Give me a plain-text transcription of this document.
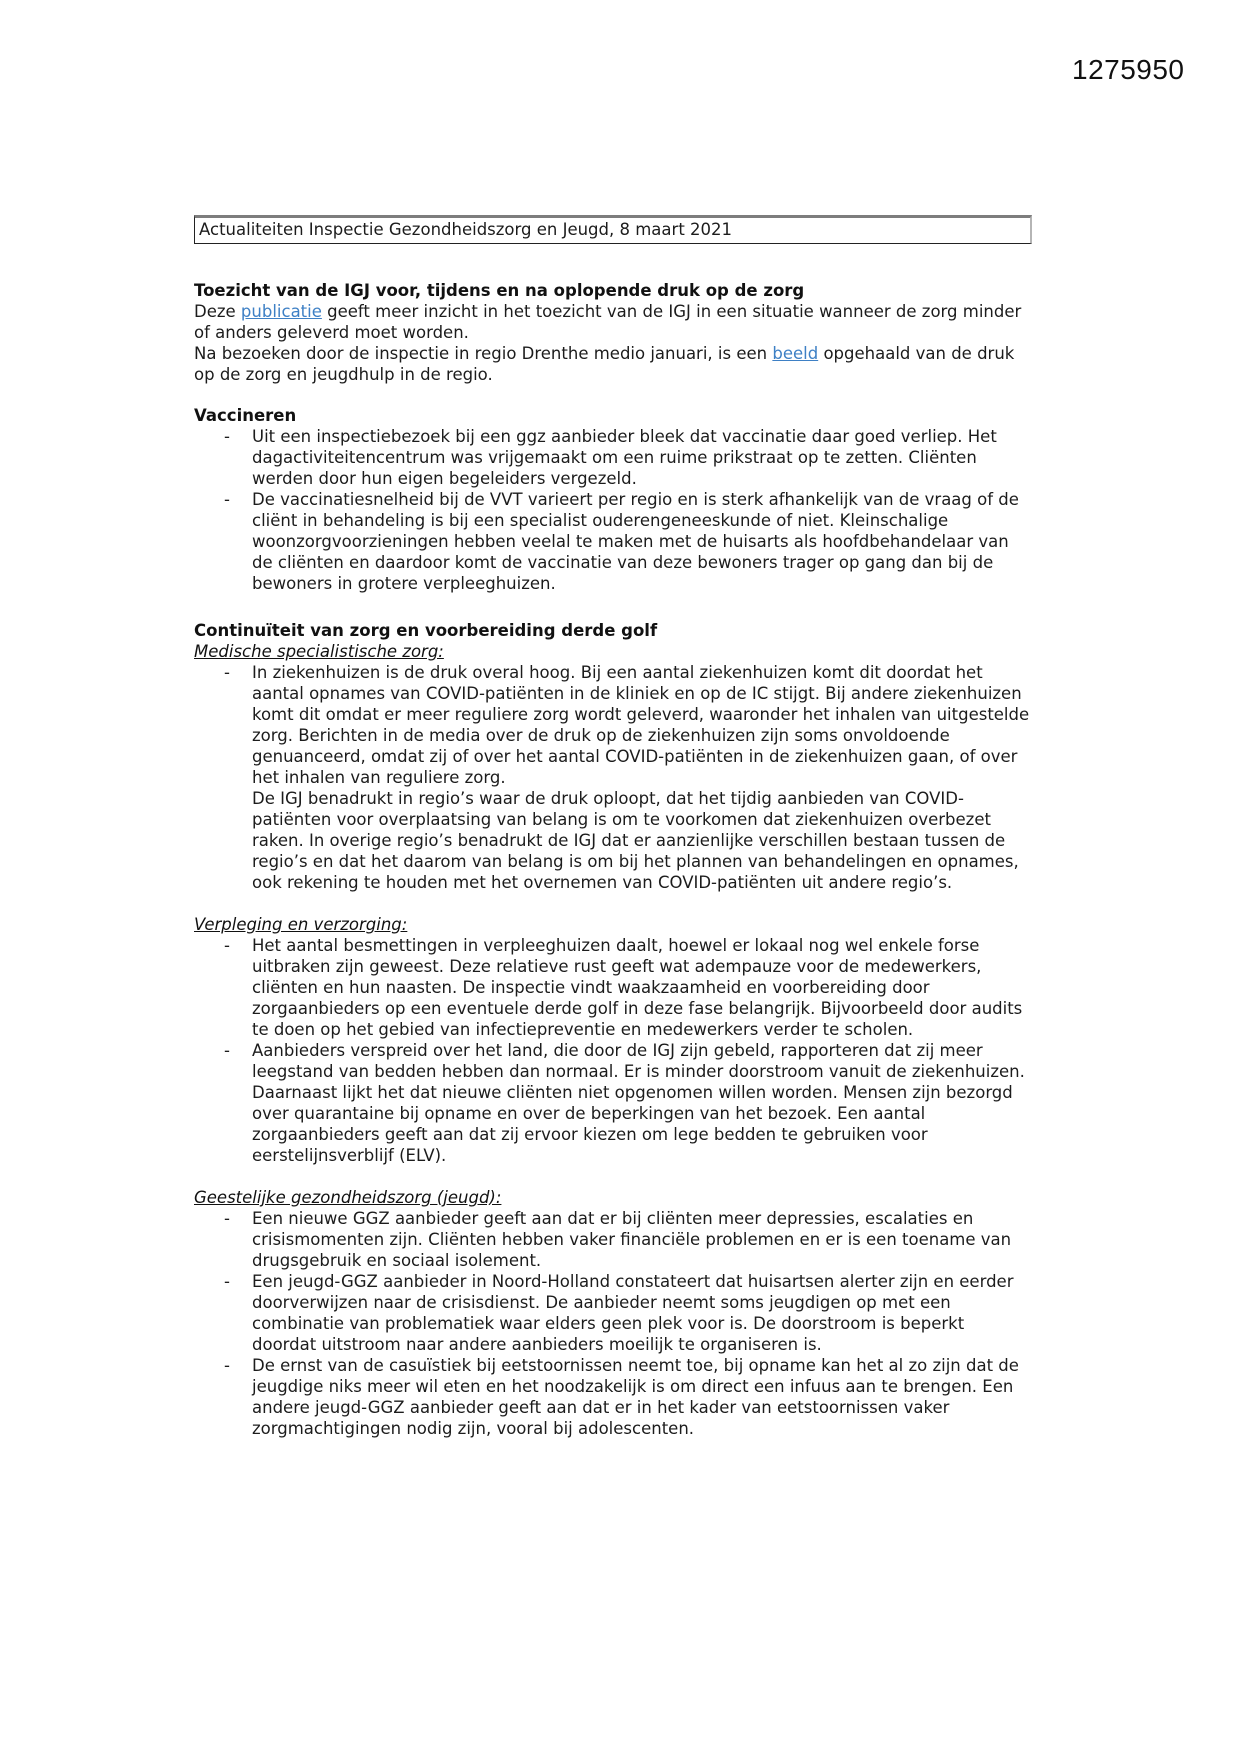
1275950
Actualiteiten Inspectie Gezondheidszorg en Jeugd, 8 maart 2021
Toezicht van de IGJ voor, tijdens en na oplopende druk op de zorg

Deze publicatie geeft meer inzicht in het toezicht van de IGJ in een situatie wanneer de zorg minder of anders geleverd moet worden.

Na bezoeken door de inspectie in regio Drenthe medio januari, is een beeld opgehaald van de druk op de zorg en jeugdhulp in de regio.

Vaccineren
-	Uit een inspectiebezoek bij een ggz aanbieder bleek dat vaccinatie daar goed verliep. Het dagactiviteitencentrum was vrijgemaakt om een ruime prikstraat op te zetten. Cliënten werden door hun eigen begeleiders vergezeld.
-	De vaccinatiesnelheid bij de VVT varieert per regio en is sterk afhankelijk van de vraag of de cliënt in behandeling is bij een specialist ouderengeneeskunde of niet. Kleinschalige woonzorgvoorzieningen hebben veelal te maken met de huisarts als hoofdbehandelaar van de cliënten en daardoor komt de vaccinatie van deze bewoners trager op gang dan bij de bewoners in grotere verpleeghuizen.
Continuïteit van zorg en voorbereiding derde golf
Medische specialistische zorg:
-	In ziekenhuizen is de druk overal hoog. Bij een aantal ziekenhuizen komt dit doordat het aantal opnames van COVID-patiënten in de kliniek en op de IC stijgt. Bij andere ziekenhuizen komt dit omdat er meer reguliere zorg wordt geleverd, waaronder het inhalen van uitgestelde zorg. Berichten in de media over de druk op de ziekenhuizen zijn soms onvoldoende genuanceerd, omdat zij of over het aantal COVID-patiënten in de ziekenhuizen gaan, of over het inhalen van reguliere zorg.

De IGJ benadrukt in regio’s waar de druk oploopt, dat het tijdig aanbieden van COVID-patiënten voor overplaatsing van belang is om te voorkomen dat ziekenhuizen overbezet raken. In overige regio’s benadrukt de IGJ dat er aanzienlijke verschillen bestaan tussen de regio’s en dat het daarom van belang is om bij het plannen van behandelingen en opnames, ook rekening te houden met het overnemen van COVID-patiënten uit andere regio’s.

Verpleging en verzorging:
-	Het aantal besmettingen in verpleeghuizen daalt, hoewel er lokaal nog wel enkele forse uitbraken zijn geweest. Deze relatieve rust geeft wat adempauze voor de medewerkers, cliënten en hun naasten. De inspectie vindt waakzaamheid en voorbereiding door zorgaanbieders op een eventuele derde golf in deze fase belangrijk. Bijvoorbeeld door audits te doen op het gebied van infectiepreventie en medewerkers verder te scholen.
-	Aanbieders verspreid over het land, die door de IGJ zijn gebeld, rapporteren dat zij meer leegstand van bedden hebben dan normaal. Er is minder doorstroom vanuit de ziekenhuizen. Daarnaast lijkt het dat nieuwe cliënten niet opgenomen willen worden. Mensen zijn bezorgd over quarantaine bij opname en over de beperkingen van het bezoek. Een aantal zorgaanbieders geeft aan dat zij ervoor kiezen om lege bedden te gebruiken voor eerstelijnsverblijf (ELV).
Geestelijke gezondheidszorg (jeugd):
-	Een nieuwe GGZ aanbieder geeft aan dat er bij cliënten meer depressies, escalaties en crisismomenten zijn. Cliënten hebben vaker financiële problemen en er is een toename van drugsgebruik en sociaal isolement.
-	Een jeugd-GGZ aanbieder in Noord-Holland constateert dat huisartsen alerter zijn en eerder doorverwijzen naar de crisisdienst. De aanbieder neemt soms jeugdigen op met een combinatie van problematiek waar elders geen plek voor is. De doorstroom is beperkt doordat uitstroom naar andere aanbieders moeilijk te organiseren is.
-	De ernst van de casuïstiek bij eetstoornissen neemt toe, bij opname kan het al zo zijn dat de jeugdige niks meer wil eten en het noodzakelijk is om direct een infuus aan te brengen. Een andere jeugd-GGZ aanbieder geeft aan dat er in het kader van eetstoornissen vaker zorgmachtigingen nodig zijn, vooral bij adolescenten.
